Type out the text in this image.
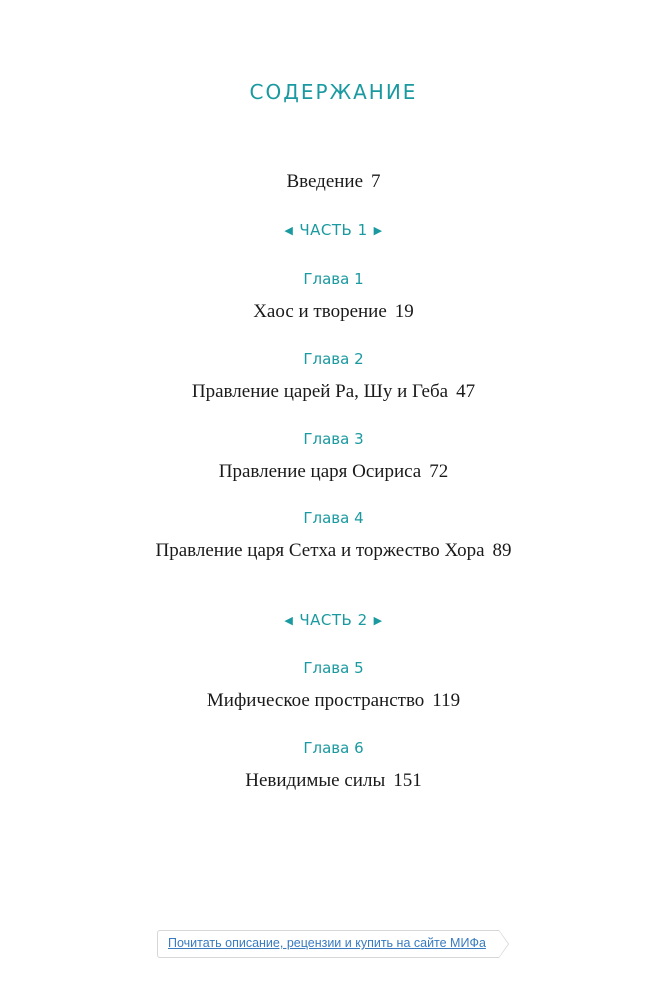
СОДЕРЖАНИЕ
Введение 7
◀ ЧАСТЬ 1 ▶
Глава 1
Хаос и творение 19
Глава 2
Правление царей Ра, Шу и Геба 47
Глава 3
Правление царя Осириса 72
Глава 4
Правление царя Сетха и торжество Хора 89
◀ ЧАСТЬ 2 ▶
Глава 5
Мифическое пространство 119
Глава 6
Невидимые силы 151
Почитать описание, рецензии и купить на сайте МИФа
